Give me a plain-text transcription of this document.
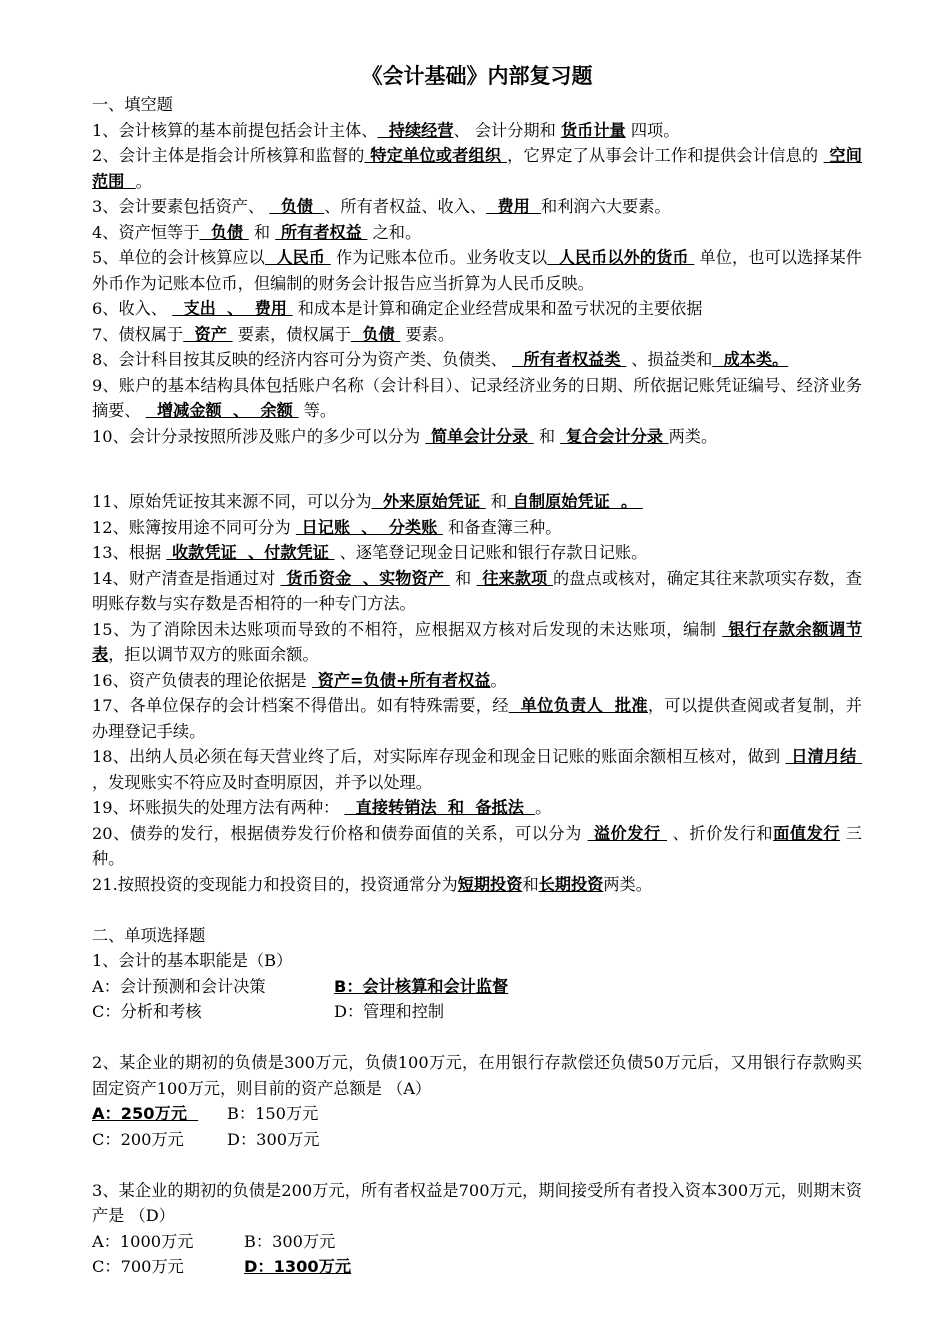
《会计基础》内部复习题

一、填空题

1、会计核算的基本前提包括会计主体、  持续经营、 会计分期和 货币计量 四项。

2、会计主体是指会计所核算和监督的 特定单位或者组织 ，它界定了从事会计工作和提供会计信息的  空间范围  。

3、会计要素包括资产、   负债  、所有者权益、收入、  费用  和利润六大要素。

4、资产恒等于  负债  和  所有者权益  之和。

5、单位的会计核算应以  人民币  作为记账本位币。业务收支以  人民币以外的货币  单位，也可以选择某件外币作为记账本位币，但编制的财务会计报告应当折算为人民币反映。

6、收入、   支出  、  费用  和成本是计算和确定企业经营成果和盈亏状况的主要依据

7、债权属于  资产  要素，债权属于  负债  要素。

8、会计科目按其反映的经济内容可分为资产类、负债类、   所有者权益类  、损益类和  成本类。

9、账户的基本结构具体包括账户名称（会计科目）、记录经济业务的日期、所依据记账凭证编号、经济业务摘要、   增减金额  、  余额  等。

10、会计分录按照所涉及账户的多少可以分为  简单会计分录  和  复合会计分录 两类。

11、原始凭证按其来源不同，可以分为  外来原始凭证  和 自制原始凭证  。

12、账簿按用途不同可分为  日记账  、  分类账  和备查簿三种。

13、根据  收款凭证  、付款凭证  、逐笔登记现金日记账和银行存款日记账。

14、财产清查是指通过对  货币资金  、实物资产  和  往来款项 的盘点或核对，确定其往来款项实存数，查明账存数与实存数是否相符的一种专门方法。

15、为了消除因未达账项而导致的不相符，应根据双方核对后发现的未达账项，编制  银行存款余额调节表，拒以调节双方的账面余额。

16、资产负债表的理论依据是  资产=负债+所有者权益。

17、各单位保存的会计档案不得借出。如有特殊需要，经  单位负责人  批准，可以提供查阅或者复制，并办理登记手续。

18、出纳人员必须在每天营业终了后，对实际库存现金和现金日记账的账面余额相互核对，做到  日清月结  ，发现账实不符应及时查明原因，并予以处理。

19、坏账损失的处理方法有两种：   直接转销法  和  备抵法  。

20、债券的发行，根据债券发行价格和债券面值的关系，可以分为  溢价发行  、折价发行和面值发行 三种。

21.按照投资的变现能力和投资目的，投资通常分为短期投资和长期投资两类。

二、单项选择题

1、会计的基本职能是（B）

A：会计预测和会计决策	B：会计核算和会计监督
C：分析和考核	D：管理和控制

2、某企业的期初的负债是300万元，负债100万元，在用银行存款偿还负债50万元后，又用银行存款购买固定资产100万元，则目前的资产总额是 （A）

A：250万元	B：150万元
C：200万元	D：300万元

3、某企业的期初的负债是200万元，所有者权益是700万元，期间接受所有者投入资本300万元，则期末资产是 （D）

A：1000万元	B：300万元
C：700万元	D：1300万元
